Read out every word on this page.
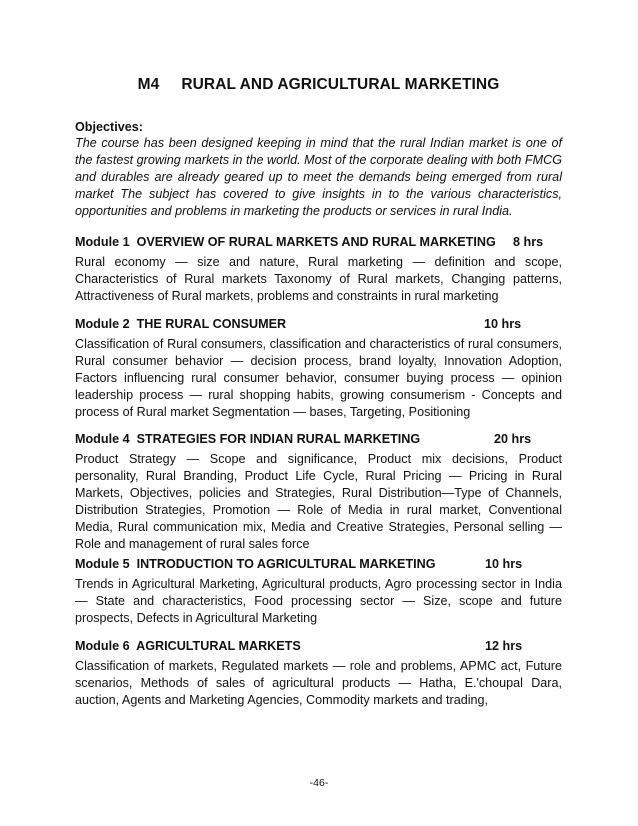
M4 RURAL AND AGRICULTURAL MARKETING
Objectives:

The course has been designed keeping in mind that the rural Indian market is one of the fastest growing markets in the world. Most of the corporate dealing with both FMCG and durables are already geared up to meet the demands being emerged from rural market The subject has covered to give insights in to the various characteristics, opportunities and problems in marketing the products or services in rural India.

Module 1 OVERVIEW OF RURAL MARKETS AND RURAL MARKETING 8 hrs

Rural economy — size and nature, Rural marketing — definition and scope, Characteristics of Rural markets Taxonomy of Rural markets, Changing patterns, Attractiveness of Rural markets, problems and constraints in rural marketing

Module 2 THE RURAL CONSUMER	10 hrs

Classification of Rural consumers, classification and characteristics of rural consumers, Rural consumer behavior — decision process, brand loyalty, Innovation Adoption, Factors influencing rural consumer behavior, consumer buying process — opinion leadership process — rural shopping habits, growing consumerism - Concepts and process of Rural market Segmentation — bases, Targeting, Positioning

Module 4 STRATEGIES FOR INDIAN RURAL MARKETING	20 hrs

Product Strategy — Scope and significance, Product mix decisions, Product personality, Rural Branding, Product Life Cycle, Rural Pricing — Pricing in Rural Markets, Objectives, policies and Strategies, Rural Distribution—Type of Channels, Distribution Strategies, Promotion — Role of Media in rural market, Conventional Media, Rural communication mix, Media and Creative Strategies, Personal selling — Role and management of rural sales force

Module 5 INTRODUCTION TO AGRICULTURAL MARKETING	10 hrs

Trends in Agricultural Marketing, Agricultural products, Agro processing sector in India — State and characteristics, Food processing sector — Size, scope and future prospects, Defects in Agricultural Marketing

Module 6 AGRICULTURAL MARKETS	12 hrs

Classification of markets, Regulated markets — role and problems, APMC act, Future scenarios, Methods of sales of agricultural products — Hatha, E.'choupal Dara, auction, Agents and Marketing Agencies, Commodity markets and trading,

-46-
